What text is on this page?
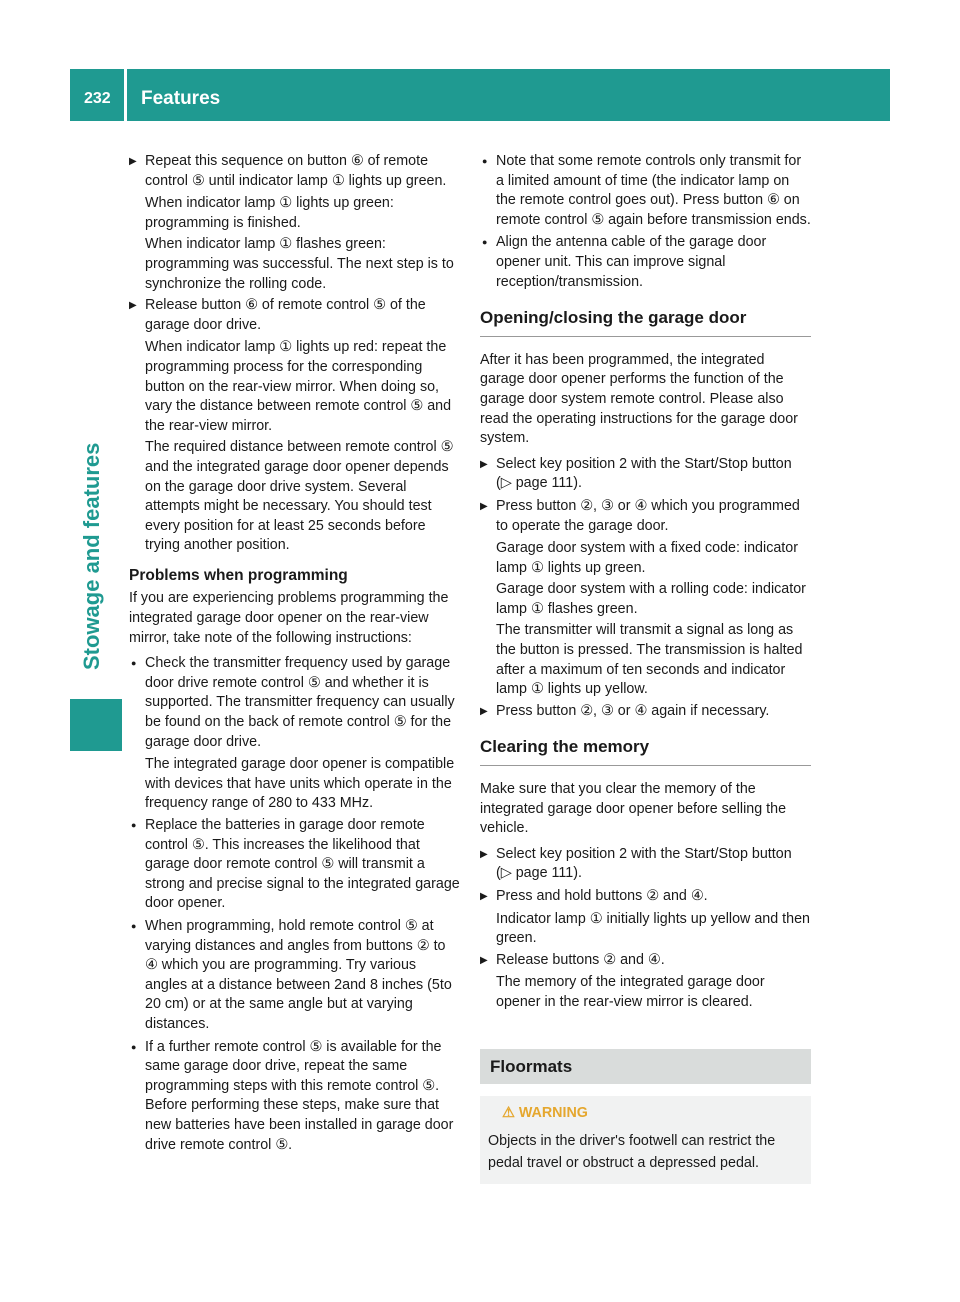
232 Features
Stowage and features
▶ Repeat this sequence on button ⑥ of remote control ⑤ until indicator lamp ① lights up green.

When indicator lamp ① lights up green: programming is finished.

When indicator lamp ① flashes green: programming was successful. The next step is to synchronize the rolling code.

▶ Release button ⑥ of remote control ⑤ of the garage door drive.

When indicator lamp ① lights up red: repeat the programming process for the corresponding button on the rear-view mirror. When doing so, vary the distance between remote control ⑤ and the rear-view mirror.

The required distance between remote control ⑤ and the integrated garage door opener depends on the garage door drive system. Several attempts might be necessary. You should test every position for at least 25 seconds before trying another position.

Problems when programming

If you are experiencing problems programming the integrated garage door opener on the rear-view mirror, take note of the following instructions:

● Check the transmitter frequency used by garage door drive remote control ⑤ and whether it is supported. The transmitter frequency can usually be found on the back of remote control ⑤ for the garage door drive.

The integrated garage door opener is compatible with devices that have units which operate in the frequency range of 280 to 433 MHz.

● Replace the batteries in garage door remote control ⑤. This increases the likelihood that garage door remote control ⑤ will transmit a strong and precise signal to the integrated garage door opener.
● When programming, hold remote control ⑤ at varying distances and angles from buttons ② to ④ which you are programming. Try various angles at a distance between 2and 8 inches (5to 20 cm) or at the same angle but at varying distances.
● If a further remote control ⑤ is available for the same garage door drive, repeat the same programming steps with this remote control ⑤. Before performing these steps, make sure that new batteries have been installed in garage door drive remote control ⑤.
● Note that some remote controls only transmit for a limited amount of time (the indicator lamp on the remote control goes out). Press button ⑥ on remote control ⑤ again before transmission ends.
● Align the antenna cable of the garage door opener unit. This can improve signal reception/transmission.
Opening/closing the garage door

After it has been programmed, the integrated garage door opener performs the function of the garage door system remote control. Please also read the operating instructions for the garage door system.

▶ Select key position 2 with the Start/Stop button (▷ page 111).
▶ Press button ②, ③ or ④ which you programmed to operate the garage door.

Garage door system with a fixed code: indicator lamp ① lights up green.

Garage door system with a rolling code: indicator lamp ① flashes green.

The transmitter will transmit a signal as long as the button is pressed. The transmission is halted after a maximum of ten seconds and indicator lamp ① lights up yellow.

▶ Press button ②, ③ or ④ again if necessary.
Clearing the memory

Make sure that you clear the memory of the integrated garage door opener before selling the vehicle.

▶ Select key position 2 with the Start/Stop button (▷ page 111).
▶ Press and hold buttons ② and ④.

Indicator lamp ① initially lights up yellow and then green.

▶ Release buttons ② and ④.

The memory of the integrated garage door opener in the rear-view mirror is cleared.

Floormats
⚠ WARNING
Objects in the driver's footwell can restrict the pedal travel or obstruct a depressed pedal.
